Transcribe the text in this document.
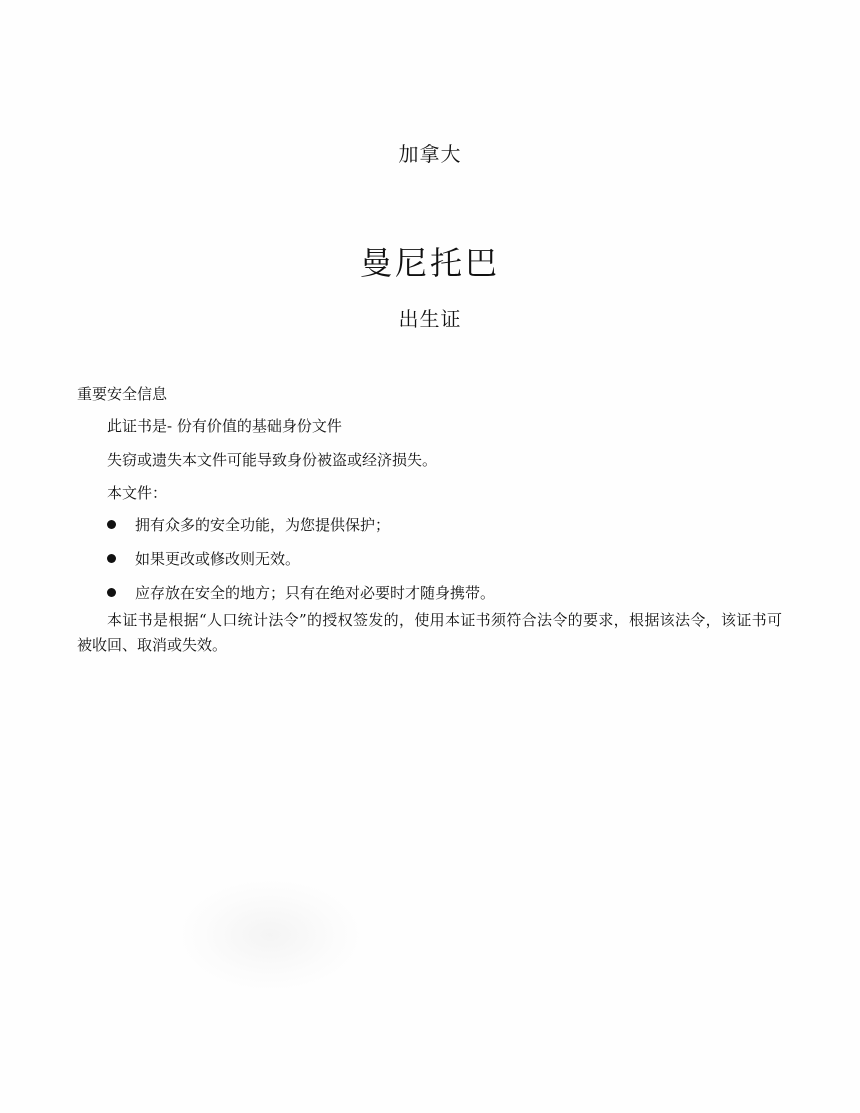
加拿大
曼尼托巴
出生证
重要安全信息
此证书是- 份有价值的基础身份文件
失窃或遗失本文件可能导致身份被盗或经济损失。
本文件：
拥有众多的安全功能，为您提供保护；
如果更改或修改则无效。
应存放在安全的地方；只有在绝对必要时才随身携带。
本证书是根据“人口统计法令”的授权签发的，使用本证书须符合法令的要求，根据该法令，该证书可被收回、取消或失效。
